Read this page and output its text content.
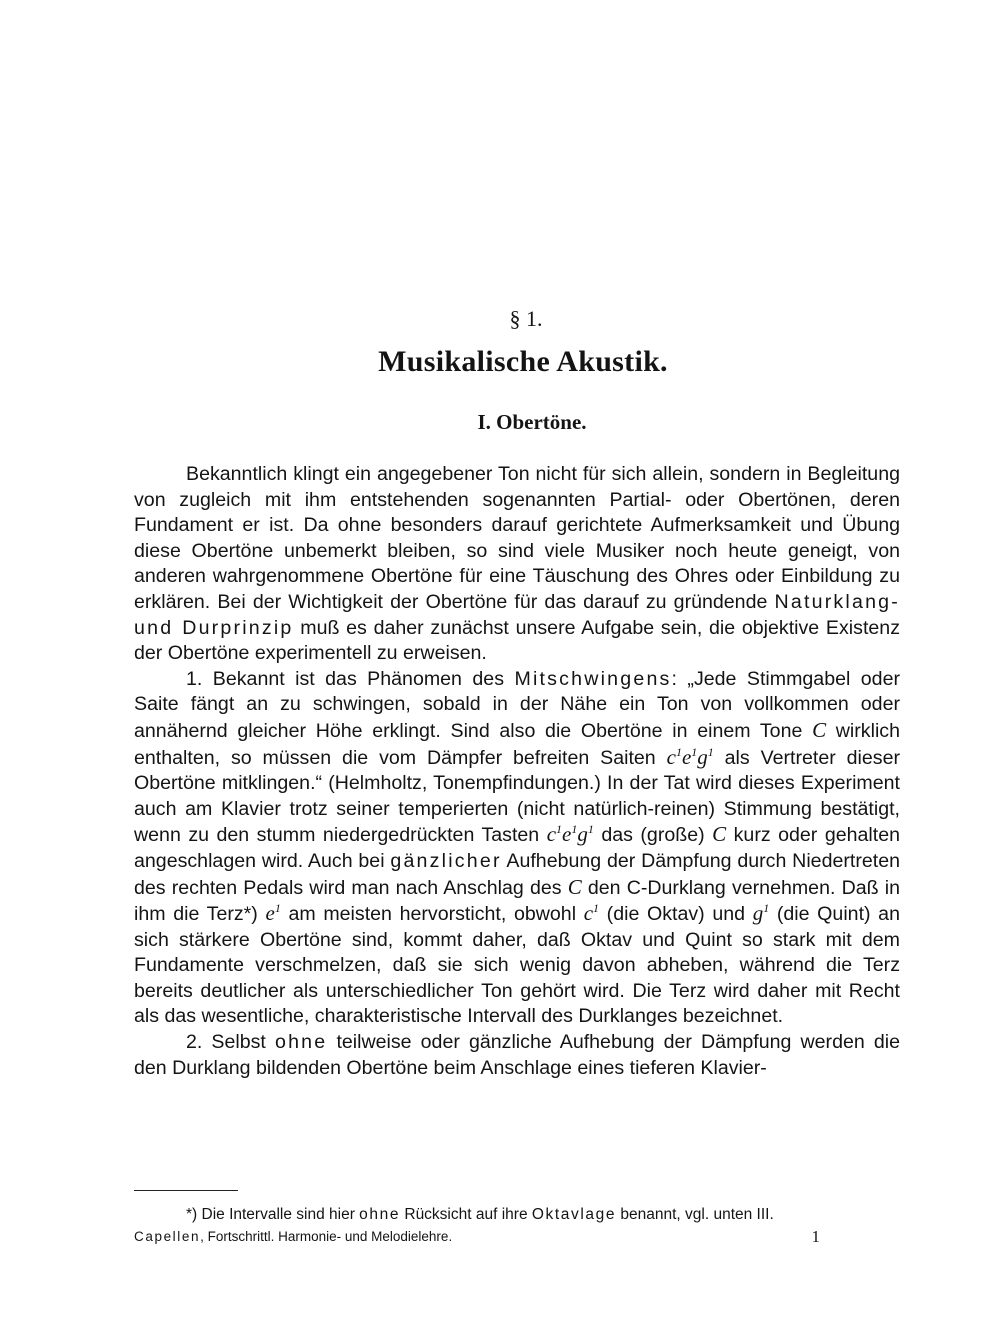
§ 1.
Musikalische Akustik.
I. Obertöne.

Bekanntlich klingt ein angegebener Ton nicht für sich allein, sondern in Begleitung von zugleich mit ihm entstehenden sogenannten Partial- oder Obertönen, deren Fundament er ist. Da ohne besonders darauf gerichtete Aufmerksamkeit und Übung diese Obertöne unbemerkt bleiben, so sind viele Musiker noch heute geneigt, von anderen wahrgenommene Obertöne für eine Täuschung des Ohres oder Einbildung zu erklären. Bei der Wichtigkeit der Obertöne für das darauf zu gründende Naturklang- und Durprinzip muß es daher zunächst unsere Aufgabe sein, die objektive Existenz der Obertöne experimentell zu erweisen.

1. Bekannt ist das Phänomen des Mitschwingens: „Jede Stimmgabel oder Saite fängt an zu schwingen, sobald in der Nähe ein Ton von vollkommen oder annähernd gleicher Höhe erklingt. Sind also die Obertöne in einem Tone C wirklich enthalten, so müssen die vom Dämpfer befreiten Saiten $c^1e^1g^1$ als Vertreter dieser Obertöne mitklingen.“ (Helmholtz, Tonempfindungen.) In der Tat wird dieses Experiment auch am Klavier trotz seiner temperierten (nicht natürlich-reinen) Stimmung bestätigt, wenn zu den stumm niedergedrückten Tasten $c^1e^1g^1$ das (große) C kurz oder gehalten angeschlagen wird. Auch bei gänzlicher Aufhebung der Dämpfung durch Niedertreten des rechten Pedals wird man nach Anschlag des C den C-Durklang vernehmen. Daß in ihm die Terz*) $e^1$ am meisten hervorsticht, obwohl $c^1$ (die Oktav) und $g^1$ (die Quint) an sich stärkere Obertöne sind, kommt daher, daß Oktav und Quint so stark mit dem Fundamente verschmelzen, daß sie sich wenig davon abheben, während die Terz bereits deutlicher als unterschiedlicher Ton gehört wird. Die Terz wird daher mit Recht als das wesentliche, charakteristische Intervall des Durklanges bezeichnet.

2. Selbst ohne teilweise oder gänzliche Aufhebung der Dämpfung werden die den Durklang bildenden Obertöne beim Anschlage eines tieferen Klavier-

*) Die Intervalle sind hier ohne Rücksicht auf ihre Oktavlage benannt, vgl. unten III.
Capellen, Fortschrittl. Harmonie- und Melodielehre.	1
